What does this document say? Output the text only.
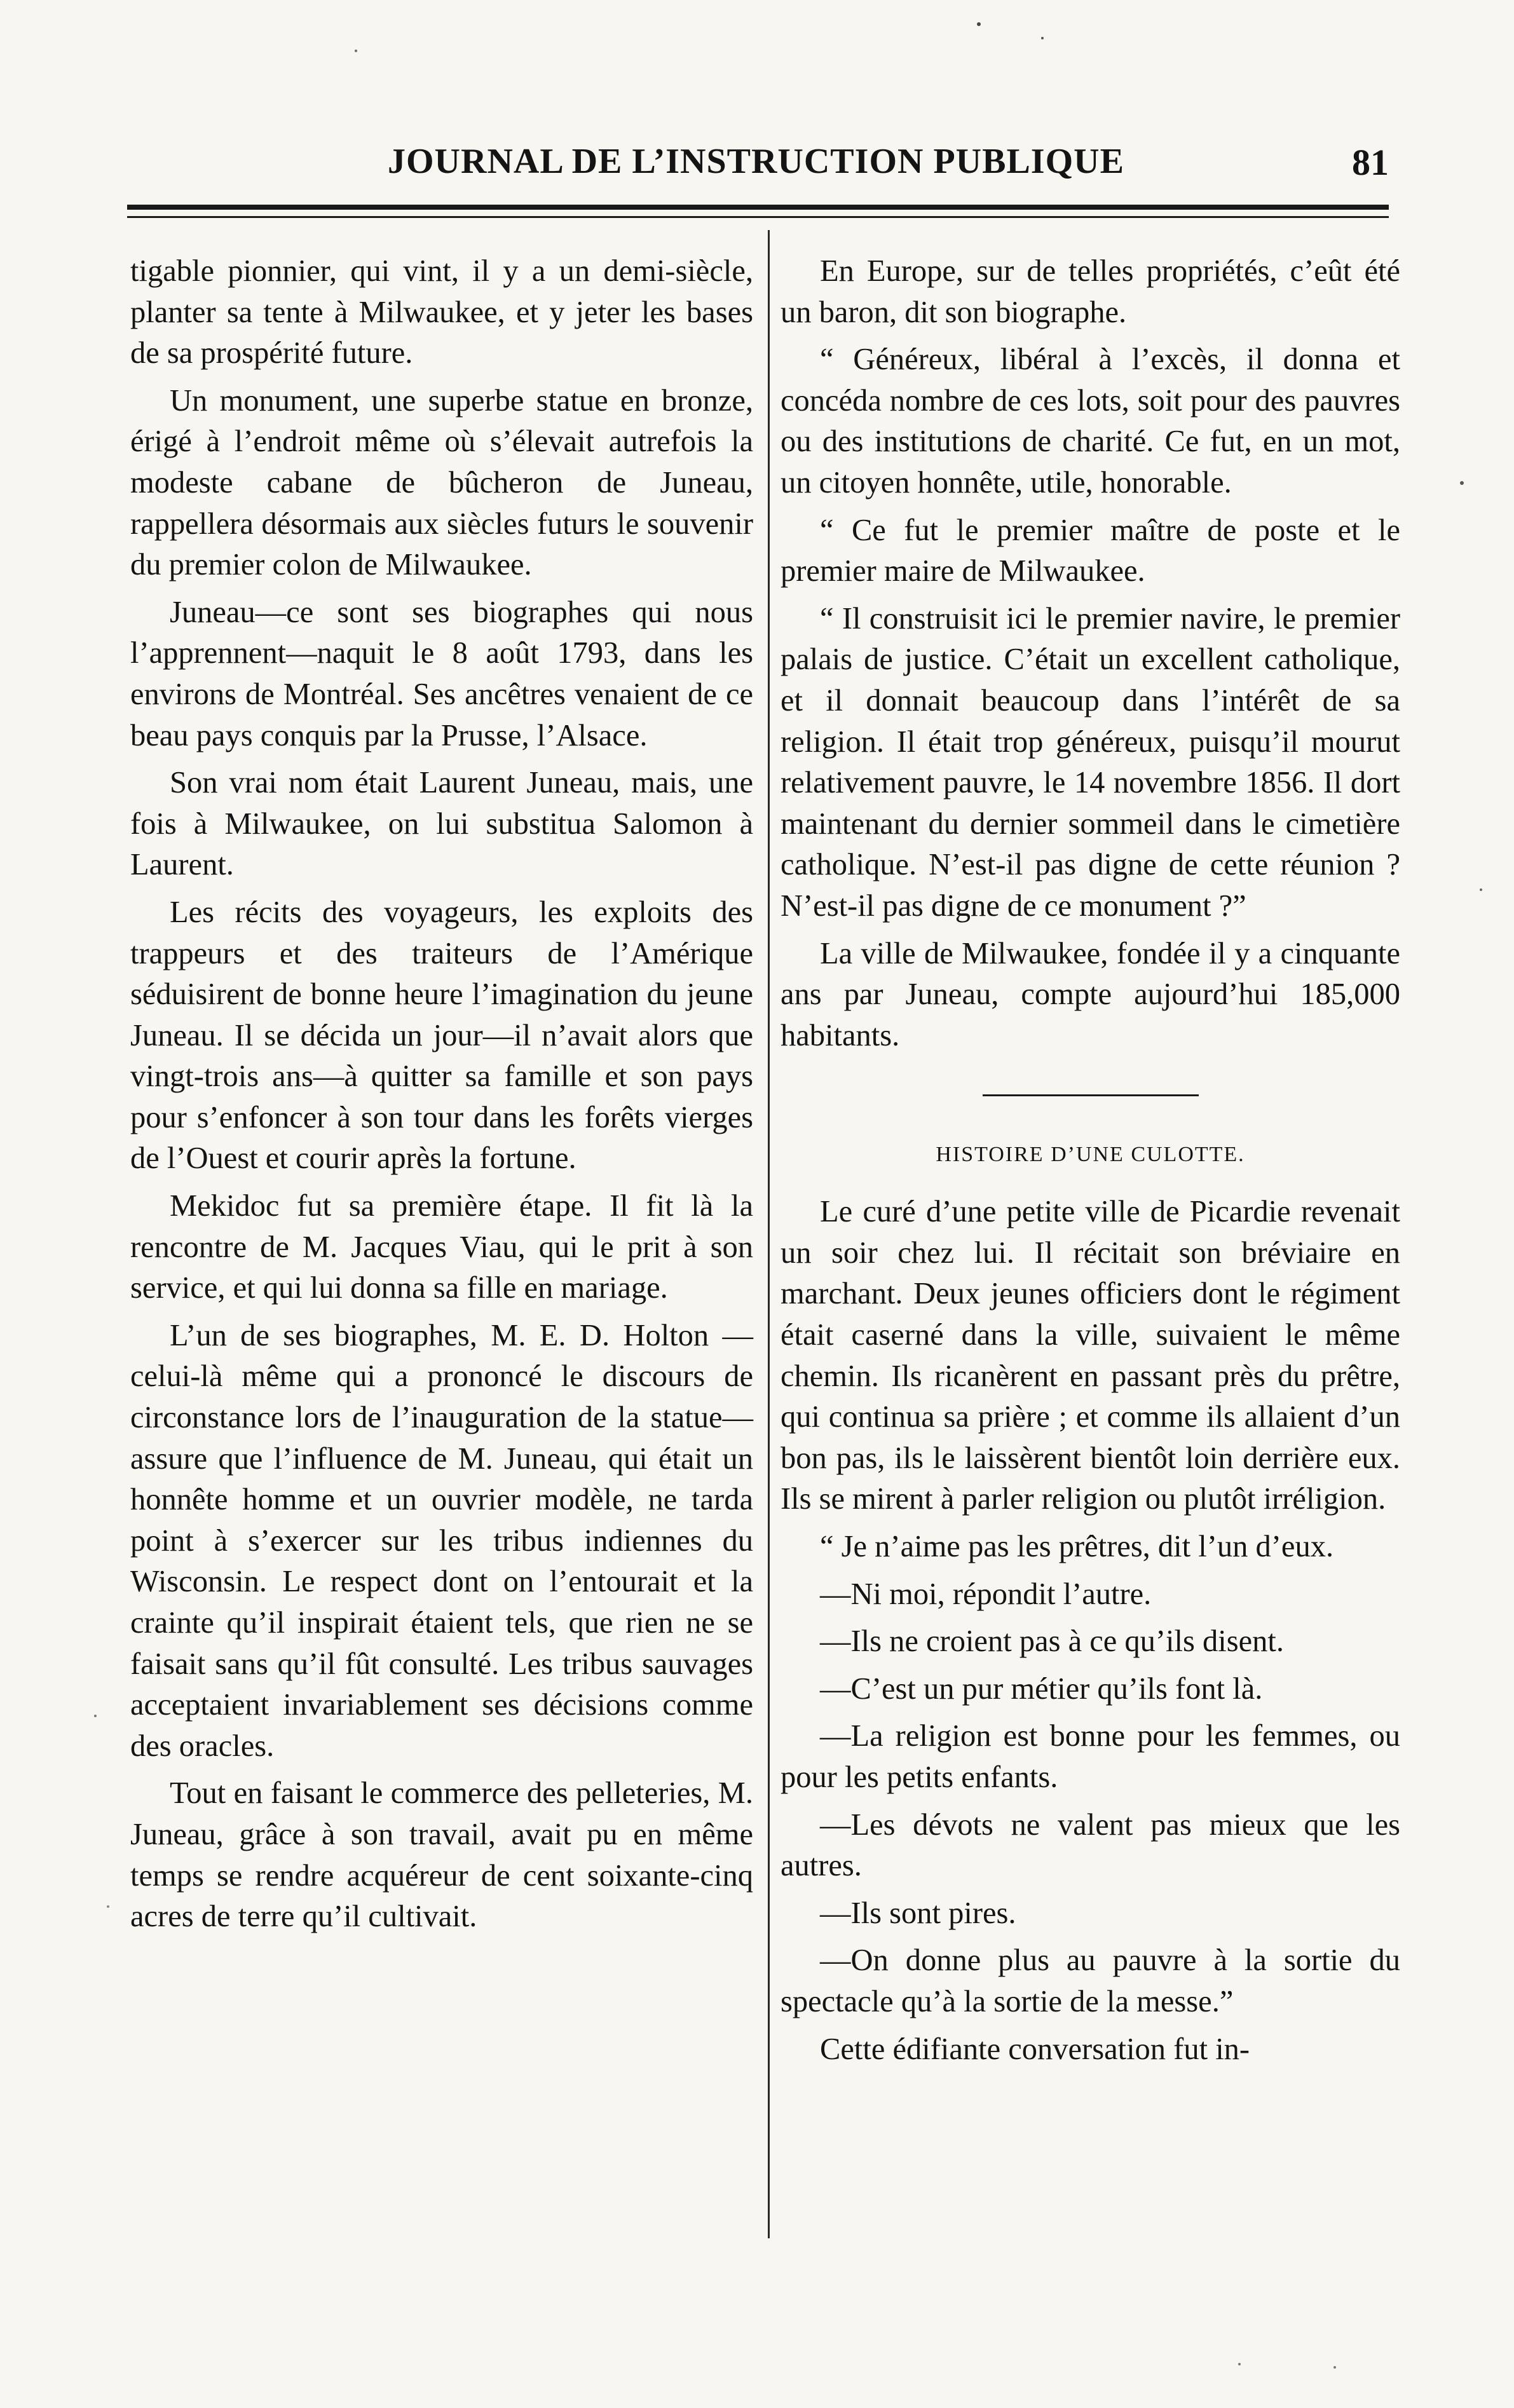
JOURNAL DE L’INSTRUCTION PUBLIQUE	81

tigable pionnier, qui vint, il y a un demi-siècle, planter sa tente à Milwaukee, et y jeter les bases de sa prospérité future.

Un monument, une superbe statue en bronze, érigé à l’endroit même où s’élevait autrefois la modeste cabane de bûcheron de Juneau, rappellera désormais aux siècles futurs le souvenir du premier colon de Milwaukee.

Juneau—ce sont ses biographes qui nous l’apprennent—naquit le 8 août 1793, dans les environs de Montréal. Ses ancêtres venaient de ce beau pays conquis par la Prusse, l’Alsace.

Son vrai nom était Laurent Juneau, mais, une fois à Milwaukee, on lui substitua Salomon à Laurent.

Les récits des voyageurs, les exploits des trappeurs et des traiteurs de l’Amérique séduisirent de bonne heure l’imagination du jeune Juneau. Il se décida un jour—il n’avait alors que vingt-trois ans—à quitter sa famille et son pays pour s’enfoncer à son tour dans les forêts vierges de l’Ouest et courir après la fortune.

Mekidoc fut sa première étape. Il fit là la rencontre de M. Jacques Viau, qui le prit à son service, et qui lui donna sa fille en mariage.

L’un de ses biographes, M. E. D. Holton —celui-là même qui a prononcé le discours de circonstance lors de l’inauguration de la statue—assure que l’influence de M. Juneau, qui était un honnête homme et un ouvrier modèle, ne tarda point à s’exercer sur les tribus indiennes du Wisconsin. Le respect dont on l’entourait et la crainte qu’il inspirait étaient tels, que rien ne se faisait sans qu’il fût consulté. Les tribus sauvages acceptaient invariablement ses décisions comme des oracles.

Tout en faisant le commerce des pelleteries, M. Juneau, grâce à son travail, avait pu en même temps se rendre acquéreur de cent soixante-cinq acres de terre qu’il cultivait.

En Europe, sur de telles propriétés, c’eût été un baron, dit son biographe.

“ Généreux, libéral à l’excès, il donna et concéda nombre de ces lots, soit pour des pauvres ou des institutions de charité. Ce fut, en un mot, un citoyen honnête, utile, honorable.

“ Ce fut le premier maître de poste et le premier maire de Milwaukee.

“ Il construisit ici le premier navire, le premier palais de justice. C’était un excellent catholique, et il donnait beaucoup dans l’intérêt de sa religion. Il était trop généreux, puisqu’il mourut relativement pauvre, le 14 novembre 1856. Il dort maintenant du dernier sommeil dans le cimetière catholique. N’est-il pas digne de cette réunion ? N’est-il pas digne de ce monument ?”

La ville de Milwaukee, fondée il y a cinquante ans par Juneau, compte aujourd’hui 185,000 habitants.

HISTOIRE D’UNE CULOTTE.

Le curé d’une petite ville de Picardie revenait un soir chez lui. Il récitait son bréviaire en marchant. Deux jeunes officiers dont le régiment était caserné dans la ville, suivaient le même chemin. Ils ricanèrent en passant près du prêtre, qui continua sa prière ; et comme ils allaient d’un bon pas, ils le laissèrent bientôt loin derrière eux. Ils se mirent à parler religion ou plutôt irréligion.

“ Je n’aime pas les prêtres, dit l’un d’eux.

—Ni moi, répondit l’autre.

—Ils ne croient pas à ce qu’ils disent.

—C’est un pur métier qu’ils font là.

—La religion est bonne pour les femmes, ou pour les petits enfants.

—Les dévots ne valent pas mieux que les autres.

—Ils sont pires.

—On donne plus au pauvre à la sortie du spectacle qu’à la sortie de la messe.”

Cette édifiante conversation fut in-
